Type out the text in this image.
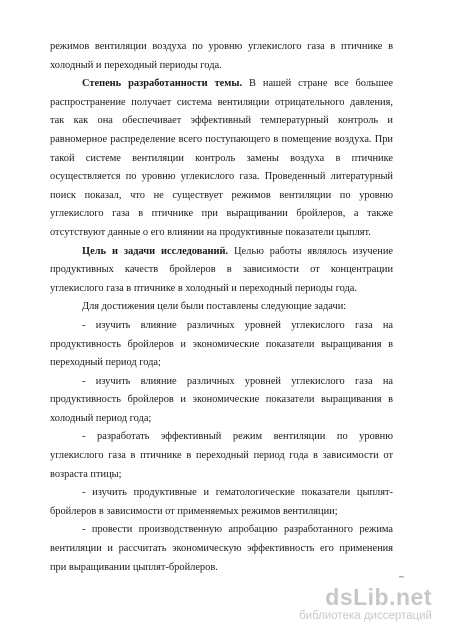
режимов вентиляции воздуха по уровню углекислого газа в птичнике в холодный и переходный периоды года.

Степень разработанности темы. В нашей стране все большее распространение получает система вентиляции отрицательного давления, так как она обеспечивает эффективный температурный контроль и равномерное распределение всего поступающего в помещение воздуха. При такой системе вентиляции контроль замены воздуха в птичнике осуществляется по уровню углекислого газа. Проведенный литературный поиск показал, что не существует режимов вентиляции по уровню углекислого газа в птичнике при выращивании бройлеров, а также отсутствуют данные о его влиянии на продуктивные показатели цыплят.

Цель и задачи исследований. Целью работы являлось изучение продуктивных качеств бройлеров в зависимости от концентрации углекислого газа в птичнике в холодный и переходный периоды года.

Для достижения цели были поставлены следующие задачи:

- изучить влияние различных уровней углекислого газа на продуктивность бройлеров и экономические показатели выращивания в переходный период года;

- изучить влияние различных уровней углекислого газа на продуктивность бройлеров и экономические показатели выращивания в холодный период года;

- разработать эффективный режим вентиляции по уровню углекислого газа в птичнике в переходный период года в зависимости от возраста птицы;

- изучить продуктивные и гематологические показатели цыплят-бройлеров в зависимости от применяемых режимов вентиляции;

- провести производственную апробацию разработанного режима вентиляции и рассчитать экономическую эффективность его применения при выращивании цыплят-бройлеров.

~
dsLib.net
библиотека диссертаций
